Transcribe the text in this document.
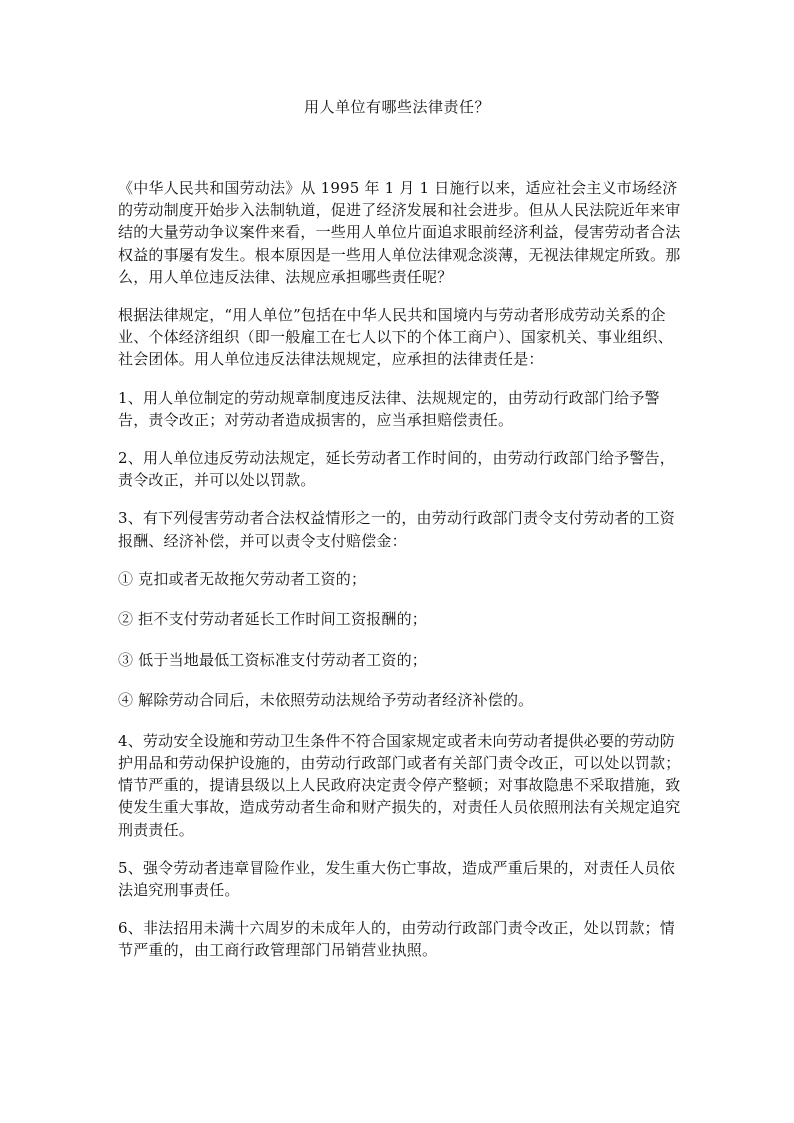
用人单位有哪些法律责任？

《中华人民共和国劳动法》从 1995 年 1 月 1 日施行以来，适应社会主义市场经济的劳动制度开始步入法制轨道，促进了经济发展和社会进步。但从人民法院近年来审结的大量劳动争议案件来看，一些用人单位片面追求眼前经济利益，侵害劳动者合法权益的事屡有发生。根本原因是一些用人单位法律观念淡薄，无视法律规定所致。那么，用人单位违反法律、法规应承担哪些责任呢？

根据法律规定，“用人单位”包括在中华人民共和国境内与劳动者形成劳动关系的企业、个体经济组织（即一般雇工在七人以下的个体工商户）、国家机关、事业组织、社会团体。用人单位违反法律法规规定，应承担的法律责任是：

1、用人单位制定的劳动规章制度违反法律、法规规定的，由劳动行政部门给予警告，责令改正；对劳动者造成损害的，应当承担赔偿责任。

2、用人单位违反劳动法规定，延长劳动者工作时间的，由劳动行政部门给予警告，责令改正，并可以处以罚款。

3、有下列侵害劳动者合法权益情形之一的，由劳动行政部门责令支付劳动者的工资报酬、经济补偿，并可以责令支付赔偿金：

① 克扣或者无故拖欠劳动者工资的；

② 拒不支付劳动者延长工作时间工资报酬的；

③ 低于当地最低工资标准支付劳动者工资的；

④ 解除劳动合同后，未依照劳动法规给予劳动者经济补偿的。

4、劳动安全设施和劳动卫生条件不符合国家规定或者未向劳动者提供必要的劳动防护用品和劳动保护设施的，由劳动行政部门或者有关部门责令改正，可以处以罚款；情节严重的，提请县级以上人民政府决定责令停产整顿；对事故隐患不采取措施，致使发生重大事故，造成劳动者生命和财产损失的，对责任人员依照刑法有关规定追究刑责责任。

5、强令劳动者违章冒险作业，发生重大伤亡事故，造成严重后果的，对责任人员依法追究刑事责任。

6、非法招用未满十六周岁的未成年人的，由劳动行政部门责令改正，处以罚款；情节严重的，由工商行政管理部门吊销营业执照。
